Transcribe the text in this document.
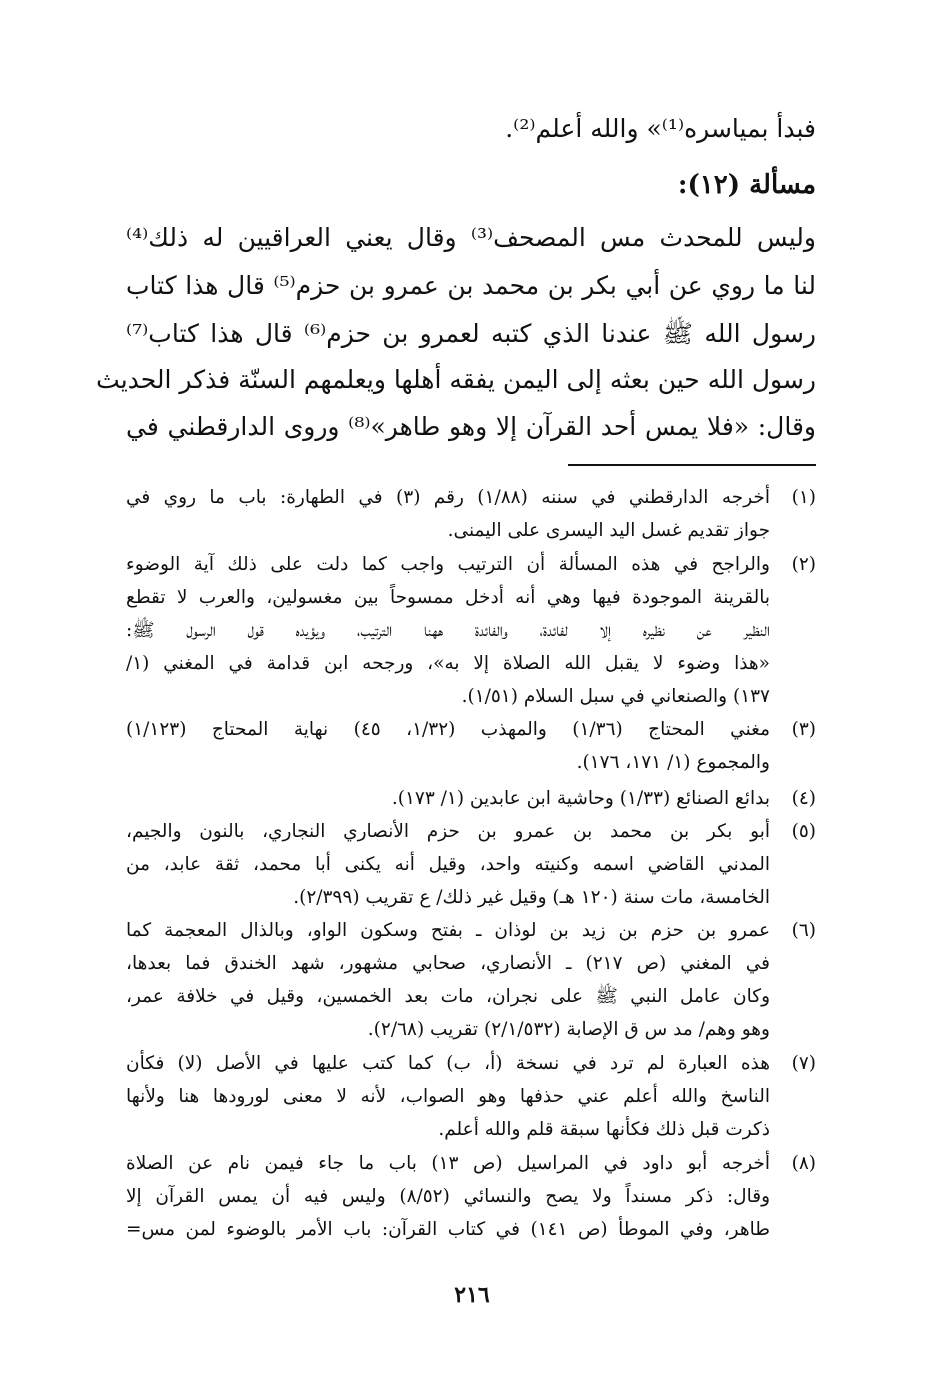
فبدأ بمياسره⁽¹⁾» والله أعلم⁽²⁾.
مسألة (١٢):
وليس للمحدث مس المصحف⁽³⁾ وقال يعني العراقيين له ذلك⁽⁴⁾
لنا ما روي عن أبي بكر بن محمد بن عمرو بن حزم⁽⁵⁾ قال هذا كتاب
رسول الله ﷺ عندنا الذي كتبه لعمرو بن حزم⁽⁶⁾ قال هذا كتاب⁽⁷⁾
رسول الله حين بعثه إلى اليمن يفقه أهلها ويعلمهم السنّة فذكر الحديث
وقال: «فلا يمس أحد القرآن إلا وهو طاهر»⁽⁸⁾ وروى الدارقطني في
(١)
أخرجه الدارقطني في سننه (١/٨٨) رقم (٣) في الطهارة: باب ما روي في
جواز تقديم غسل اليد اليسرى على اليمنى.
(٢)
والراجح في هذه المسألة أن الترتيب واجب كما دلت على ذلك آية الوضوء
بالقرينة الموجودة فيها وهي أنه أدخل ممسوحاً بين مغسولين، والعرب لا تقطع
النظير عن نظيره إلا لفائدة، والفائدة ههنا الترتيب، ويؤيده قول الرسول ﷺ:
«هذا وضوء لا يقبل الله الصلاة إلا به»، ورجحه ابن قدامة في المغني (١/
١٣٧) والصنعاني في سبل السلام (١/٥١).
(٣)
مغني المحتاج (١/٣٦) والمهذب (١/٣٢، ٤٥) نهاية المحتاج (١/١٢٣)
والمجموع (١/ ١٧١، ١٧٦).
(٤)
بدائع الصنائع (١/٣٣) وحاشية ابن عابدين (١/ ١٧٣).
(٥)
أبو بكر بن محمد بن عمرو بن حزم الأنصاري النجاري، بالنون والجيم،
المدني القاضي اسمه وكنيته واحد، وقيل أنه يكنى أبا محمد، ثقة عابد، من
الخامسة، مات سنة (١٢٠ هـ) وقيل غير ذلك/ ع تقريب (٢/٣٩٩).
(٦)
عمرو بن حزم بن زيد بن لوذان ـ بفتح وسكون الواو، وبالذال المعجمة كما
في المغني (ص ٢١٧) ـ الأنصاري، صحابي مشهور، شهد الخندق فما بعدها،
وكان عامل النبي ﷺ على نجران، مات بعد الخمسين، وقيل في خلافة عمر،
وهو وهم/ مد س ق الإصابة (٢/١/٥٣٢) تقريب (٢/٦٨).
(٧)
هذه العبارة لم ترد في نسخة (أ، ب) كما كتب عليها في الأصل (لا) فكأن
الناسخ والله أعلم عني حذفها وهو الصواب، لأنه لا معنى لورودها هنا ولأنها
ذكرت قبل ذلك فكأنها سبقة قلم والله أعلم.
(٨)
أخرجه أبو داود في المراسيل (ص ١٣) باب ما جاء فيمن نام عن الصلاة
وقال: ذكر مسنداً ولا يصح والنسائي (٨/٥٢) وليس فيه أن يمس القرآن إلا
طاهر، وفي الموطأ (ص ١٤١) في كتاب القرآن: باب الأمر بالوضوء لمن مس=
٢١٦
